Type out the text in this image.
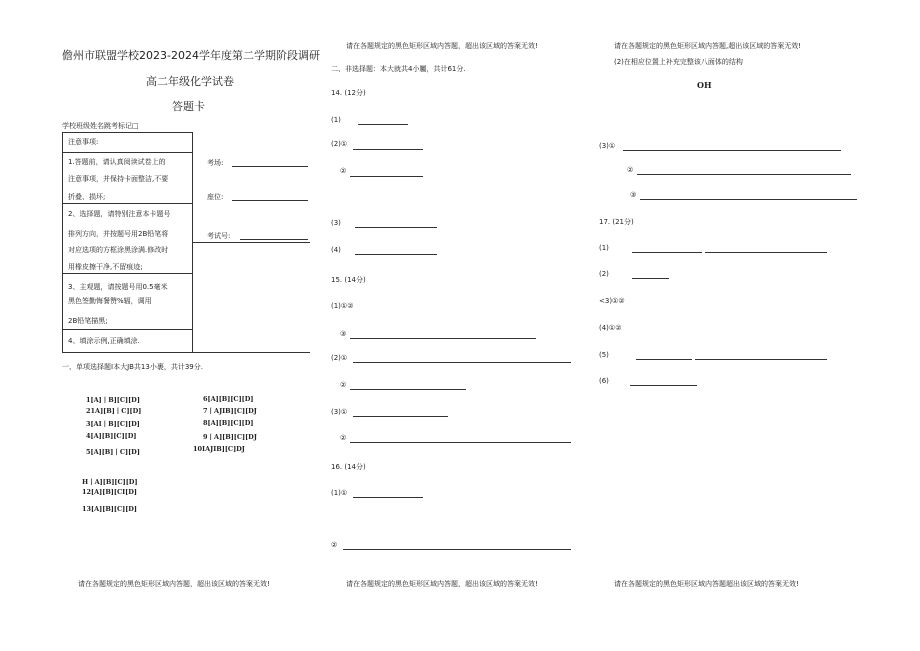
儋州市联盟学校2023-2024学年度第二学期阶段调研
高二年级化学试卷
答题卡
学校班级姓名跳考标记□
注意事项:
1.答题前，请认真阅读试卷上的
注意事项，并保持卡面整洁,不要
折叠、损坏;
2、选择题，请特别注意本卡题号
排列方向，并按题号用2B铅笔将
对应选项的方框涂黑涂满.修改时
用橡皮擦干净,不留痕迹;
3、主观题，请按题号用0.5毫米
黑色签勤悔餐赞%辐，调用
2B铅笔描黑;
4、填涂示例,正确填涂.
考场:
座位:
考试号:
一、单项选择题I本大JB共13小裹，共计39分.
1[A]丨B][C][D]
21A][B]丨C][D]
3[AI丨B][C][D]
4[A][B][C][D]
5[A][B]丨C][D]
6[A][B][C][D]
7丨AJIB][C][DJ
8[A][B][C][D]
9丨A][B][C][DJ
10IAJIB][C]DJ
H丨A][B][C][D]
12[A][B][CI[D]
13[A][B][C][D]
请在各题规定的黑色矩形区域内答题，超出该区域的答案无效!
请在各题规定的黑色矩形区域内答题，超出该区域的答案无效!
二、非选择题：本大就共4小屬，共计61分.
14. (12分)
(1)
(2)①
②
(3)
(4)
15. (14分)
(1)①②
③
(2)①
②
(3)①
②
16. (14分)
(1)①
②
请在各题规定的黑色矩形区域内答题，超出该区域的答案无效!
请在各题规定的黑色矩形区域内答题,超出该区域的答案无效!
(2)在相应位置上补充完整该八面体的结构
OH
(3)①
②
③
17. (21分)
(1)
(2)
<3)①②
(4)①②
(5)
(6)
请在各题规定的黑色矩形区域内答题超出该区域的答案无效!
